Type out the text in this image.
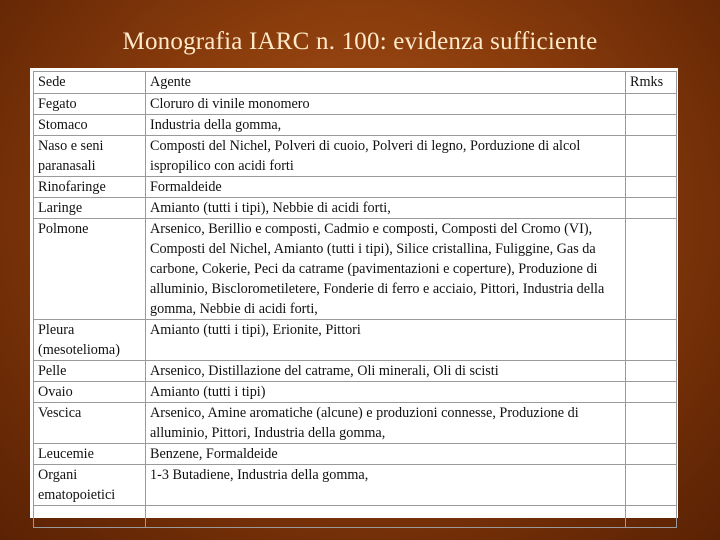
Monografia IARC n. 100: evidenza sufficiente
Sede	Agente	Rmks
Fegato	Cloruro di vinile monomero	
Stomaco	Industria della gomma,	
Naso e seni paranasali	Composti del Nichel, Polveri di cuoio, Polveri di legno, Porduzione di alcol ispropilico con acidi forti	
Rinofaringe	Formaldeide	
Laringe	Amianto (tutti i tipi), Nebbie di acidi forti,	
Polmone	Arsenico, Berillio e composti, Cadmio e composti, Composti del Cromo (VI), Composti del Nichel, Amianto (tutti i tipi), Silice cristallina, Fuliggine, Gas da carbone, Cokerie, Peci da catrame (pavimentazioni e coperture), Produzione di alluminio, Bisclorometiletere, Fonderie di ferro e acciaio, Pittori, Industria della gomma, Nebbie di acidi forti,	
Pleura (mesotelioma)	Amianto (tutti i tipi), Erionite, Pittori	
Pelle	Arsenico, Distillazione del catrame, Oli minerali, Oli di scisti	
Ovaio	Amianto (tutti i tipi)	
Vescica	Arsenico, Amine aromatiche (alcune) e produzioni connesse, Produzione di alluminio, Pittori, Industria della gomma,	
Leucemie	Benzene, Formaldeide	
Organi ematopoietici	1-3 Butadiene, Industria della gomma,	
